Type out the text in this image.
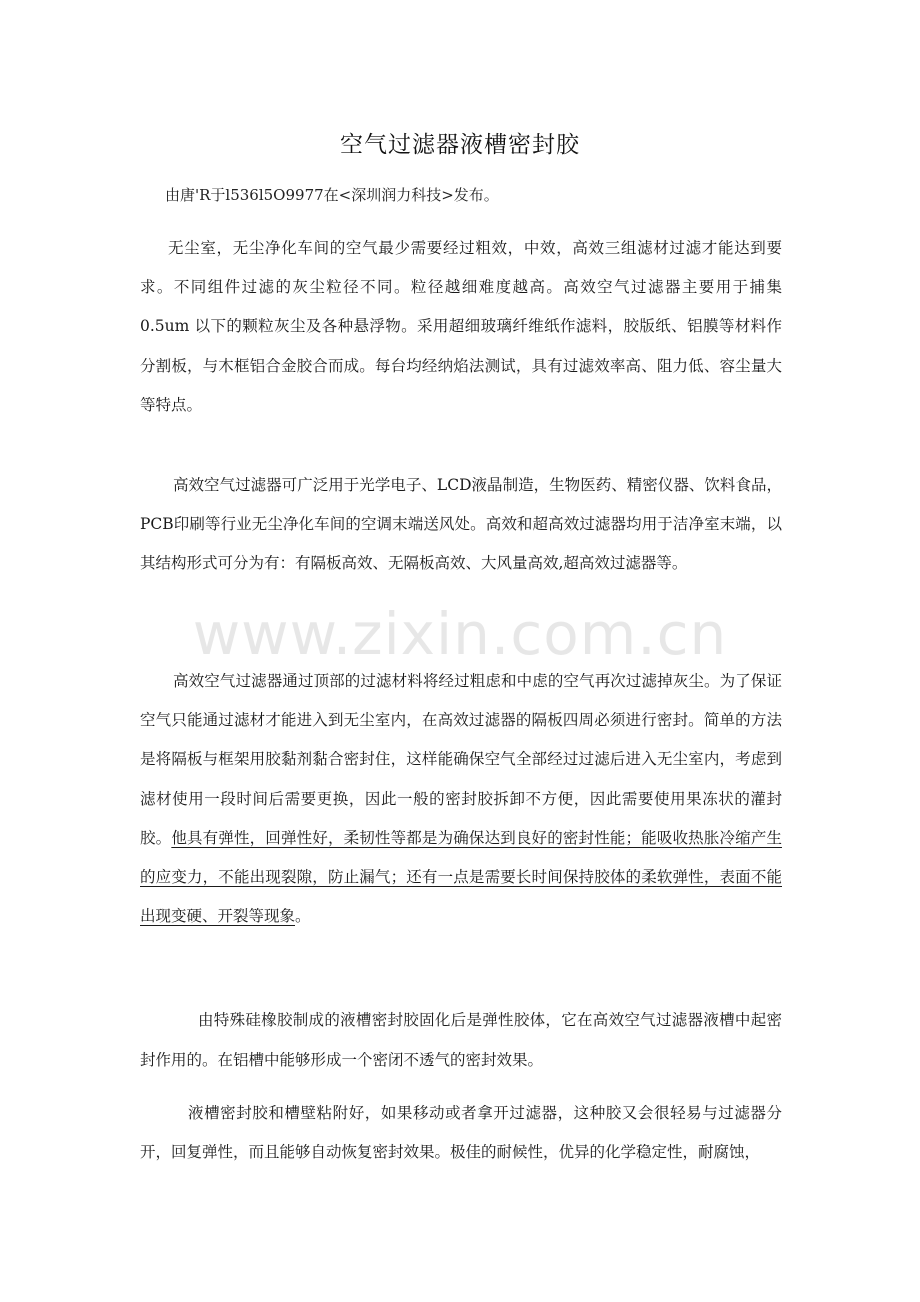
空气过滤器液槽密封胶
由唐'R于l536l5O9977在<深圳润力科技>发布。
无尘室，无尘净化车间的空气最少需要经过粗效，中效，高效三组滤材过滤才能达到要求。不同组件过滤的灰尘粒径不同。粒径越细难度越高。高效空气过滤器主要用于捕集 0.5um 以下的颗粒灰尘及各种悬浮物。采用超细玻璃纤维纸作滤料，胶版纸、铝膜等材料作分割板，与木框铝合金胶合而成。每台均经纳焰法测试，具有过滤效率高、阻力低、容尘量大等特点。
高效空气过滤器可广泛用于光学电子、LCD液晶制造，生物医药、精密仪器、饮料食品，PCB印刷等行业无尘净化车间的空调末端送风处。高效和超高效过滤器均用于洁净室末端，以其结构形式可分为有：有隔板高效、无隔板高效、大风量高效,超高效过滤器等。
高效空气过滤器通过顶部的过滤材料将经过粗虑和中虑的空气再次过滤掉灰尘。为了保证空气只能通过滤材才能进入到无尘室内，在高效过滤器的隔板四周必须进行密封。简单的方法是将隔板与框架用胶黏剂黏合密封住，这样能确保空气全部经过过滤后进入无尘室内，考虑到滤材使用一段时间后需要更换，因此一般的密封胶拆卸不方便，因此需要使用果冻状的灌封胶。他具有弹性，回弹性好，柔韧性等都是为确保达到良好的密封性能；能吸收热胀冷缩产生的应变力，不能出现裂隙，防止漏气；还有一点是需要长时间保持胶体的柔软弹性，表面不能出现变硬、开裂等现象。
由特殊硅橡胶制成的液槽密封胶固化后是弹性胶体，它在高效空气过滤器液槽中起密封作用的。在铝槽中能够形成一个密闭不透气的密封效果。
液槽密封胶和槽壁粘附好，如果移动或者拿开过滤器，这种胶又会很轻易与过滤器分开，回复弹性，而且能够自动恢复密封效果。极佳的耐候性，优异的化学稳定性，耐腐蚀，
www.zixin.com.cn
